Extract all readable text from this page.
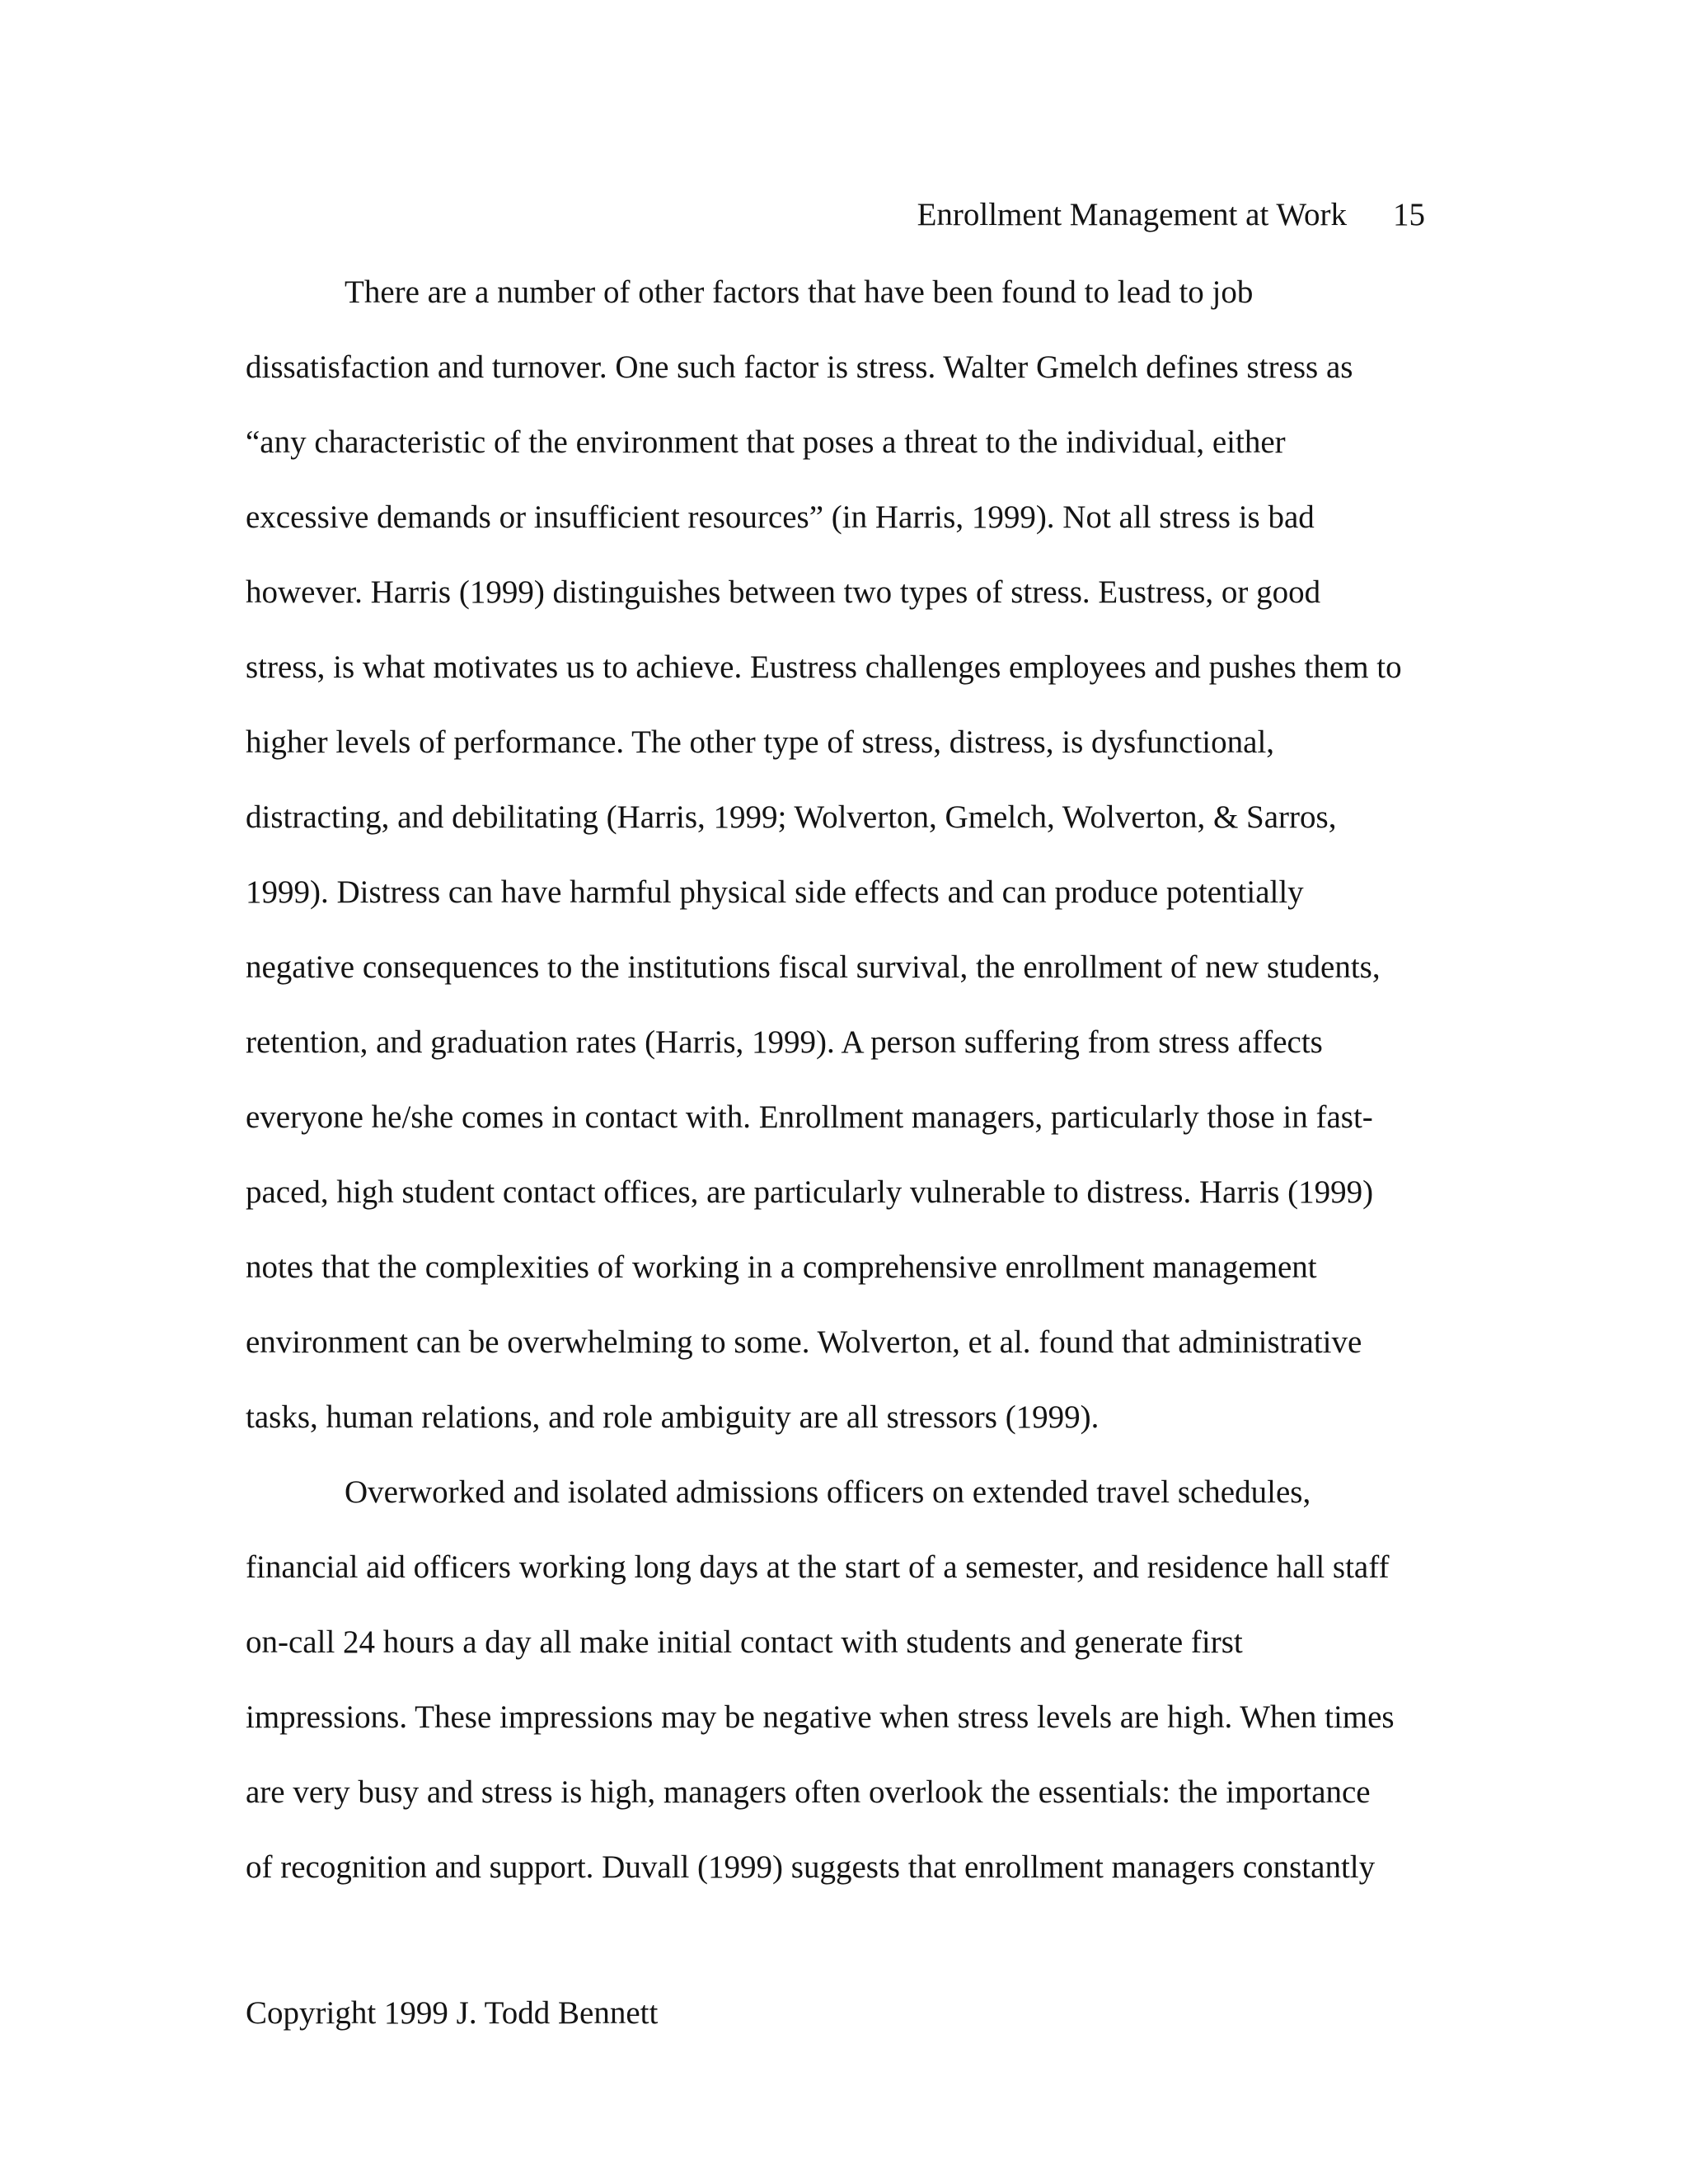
Enrollment Management at Work 15
There are a number of other factors that have been found to lead to job
dissatisfaction and turnover. One such factor is stress. Walter Gmelch defines stress as
“any characteristic of the environment that poses a threat to the individual, either
excessive demands or insufficient resources” (in Harris, 1999). Not all stress is bad
however. Harris (1999) distinguishes between two types of stress. Eustress, or good
stress, is what motivates us to achieve. Eustress challenges employees and pushes them to
higher levels of performance. The other type of stress, distress, is dysfunctional,
distracting, and debilitating (Harris, 1999; Wolverton, Gmelch, Wolverton, & Sarros,
1999). Distress can have harmful physical side effects and can produce potentially
negative consequences to the institutions fiscal survival, the enrollment of new students,
retention, and graduation rates (Harris, 1999). A person suffering from stress affects
everyone he/she comes in contact with. Enrollment managers, particularly those in fast-
paced, high student contact offices, are particularly vulnerable to distress. Harris (1999)
notes that the complexities of working in a comprehensive enrollment management
environment can be overwhelming to some. Wolverton, et al. found that administrative
tasks, human relations, and role ambiguity are all stressors (1999).
Overworked and isolated admissions officers on extended travel schedules,
financial aid officers working long days at the start of a semester, and residence hall staff
on-call 24 hours a day all make initial contact with students and generate first
impressions. These impressions may be negative when stress levels are high. When times
are very busy and stress is high, managers often overlook the essentials: the importance
of recognition and support. Duvall (1999) suggests that enrollment managers constantly
Copyright 1999 J. Todd Bennett
